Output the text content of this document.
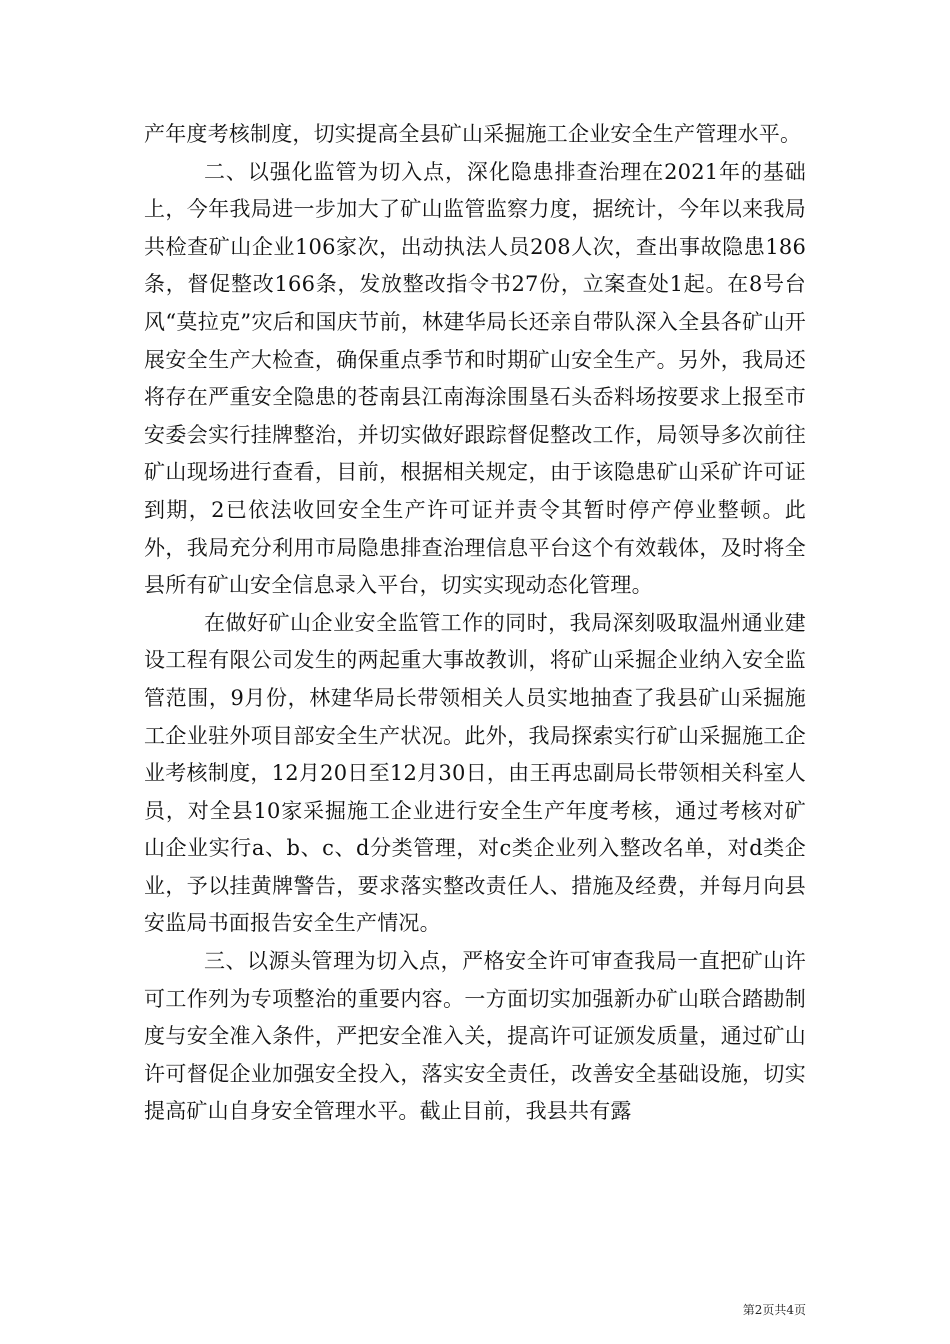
产年度考核制度，切实提高全县矿山采掘施工企业安全生产管理水平。

二、以强化监管为切入点，深化隐患排查治理在2021年的基础上，今年我局进一步加大了矿山监管监察力度，据统计，今年以来我局共检查矿山企业106家次，出动执法人员208人次，查出事故隐患186条，督促整改166条，发放整改指令书27份，立案查处1起。在8号台风“莫拉克”灾后和国庆节前，林建华局长还亲自带队深入全县各矿山开展安全生产大检查，确保重点季节和时期矿山安全生产。另外，我局还将存在严重安全隐患的苍南县江南海涂围垦石头岙料场按要求上报至市安委会实行挂牌整治，并切实做好跟踪督促整改工作，局领导多次前往矿山现场进行查看，目前，根据相关规定，由于该隐患矿山采矿许可证到期，2已依法收回安全生产许可证并责令其暂时停产停业整顿。此外，我局充分利用市局隐患排查治理信息平台这个有效载体，及时将全县所有矿山安全信息录入平台，切实实现动态化管理。

在做好矿山企业安全监管工作的同时，我局深刻吸取温州通业建设工程有限公司发生的两起重大事故教训，将矿山采掘企业纳入安全监管范围，9月份，林建华局长带领相关人员实地抽查了我县矿山采掘施工企业驻外项目部安全生产状况。此外，我局探索实行矿山采掘施工企业考核制度，12月20日至12月30日，由王再忠副局长带领相关科室人员，对全县10家采掘施工企业进行安全生产年度考核，通过考核对矿山企业实行a、b、c、d分类管理，对c类企业列入整改名单，对d类企业，予以挂黄牌警告，要求落实整改责任人、措施及经费，并每月向县安监局书面报告安全生产情况。

三、以源头管理为切入点，严格安全许可审查我局一直把矿山许可工作列为专项整治的重要内容。一方面切实加强新办矿山联合踏勘制度与安全准入条件，严把安全准入关，提高许可证颁发质量，通过矿山许可督促企业加强安全投入，落实安全责任，改善安全基础设施，切实提高矿山自身安全管理水平。截止目前，我县共有露

第2页共4页
